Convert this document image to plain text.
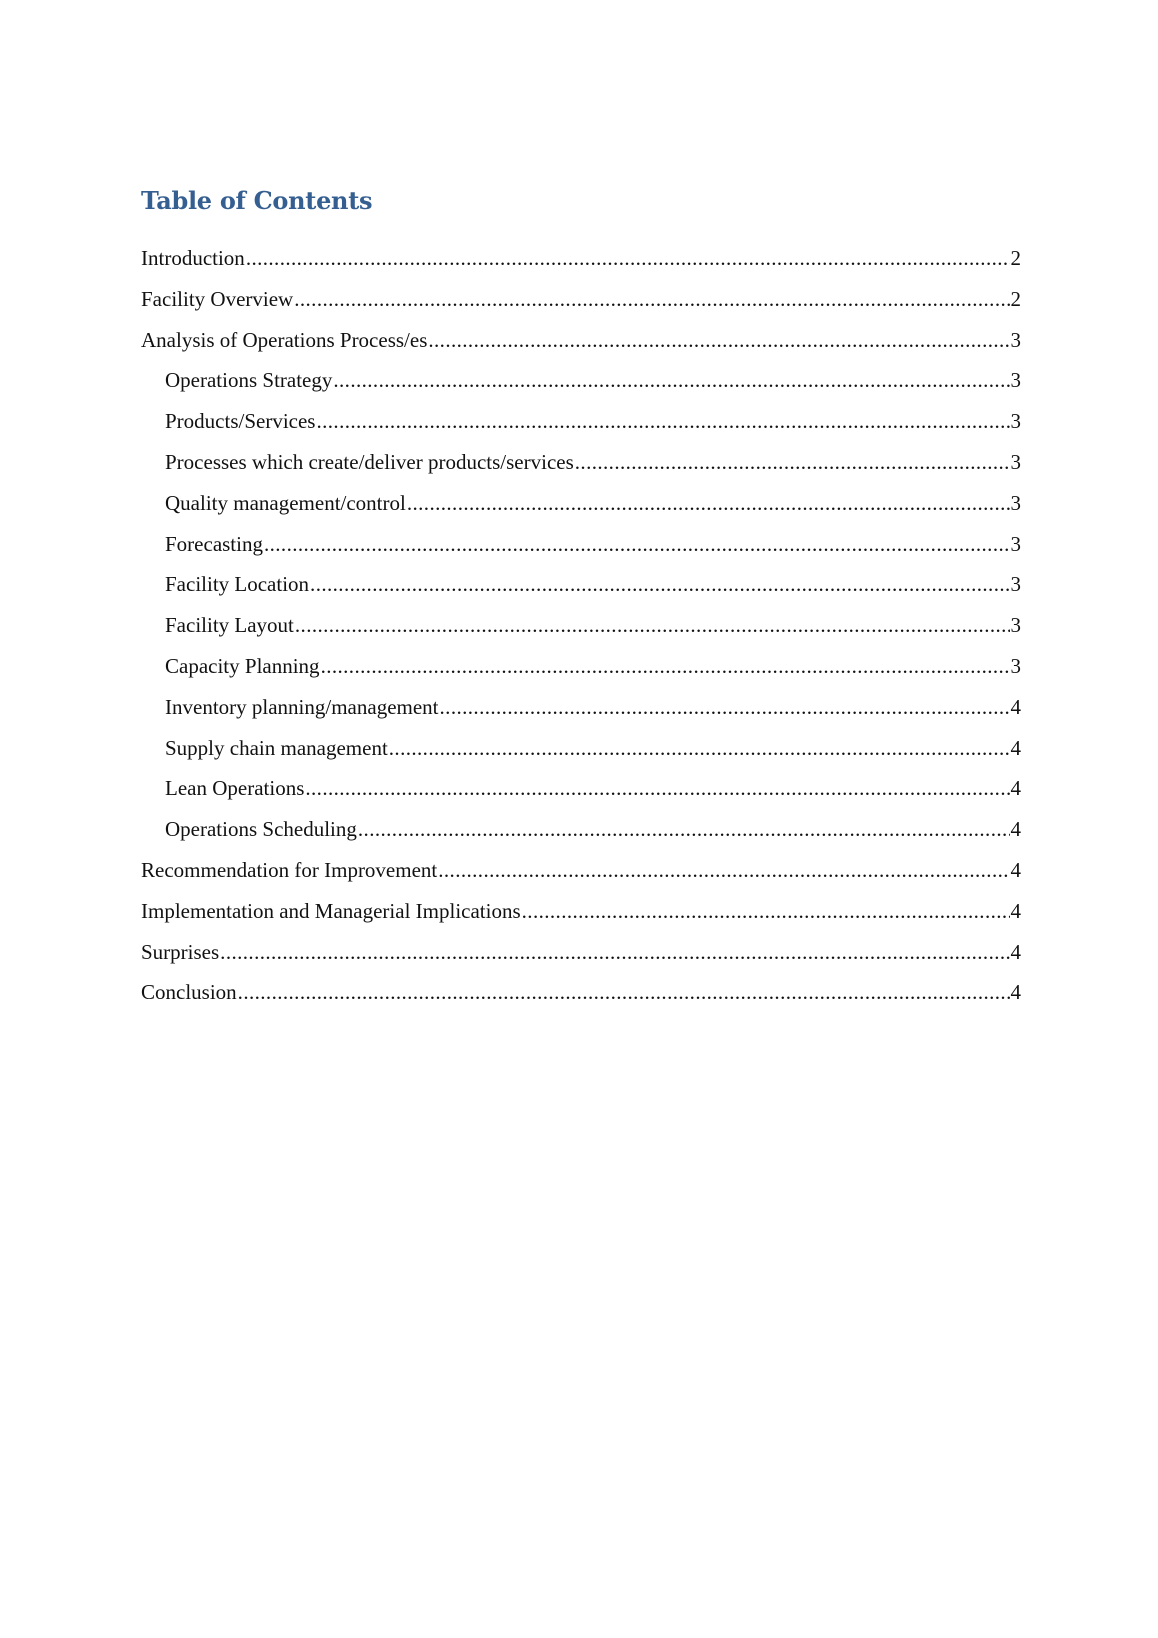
Table of Contents
Introduction .....	2
Facility Overview .....	2
Analysis of Operations Process/es .....	3
Operations Strategy .....	3
Products/Services .....	3
Processes which create/deliver products/services .....	3
Quality management/control .....	3
Forecasting .....	3
Facility Location .....	3
Facility Layout .....	3
Capacity Planning .....	3
Inventory planning/management .....	4
Supply chain management .....	4
Lean Operations .....	4
Operations Scheduling .....	4
Recommendation for Improvement .....	4
Implementation and Managerial Implications .....	4
Surprises .....	4
Conclusion .....	4
